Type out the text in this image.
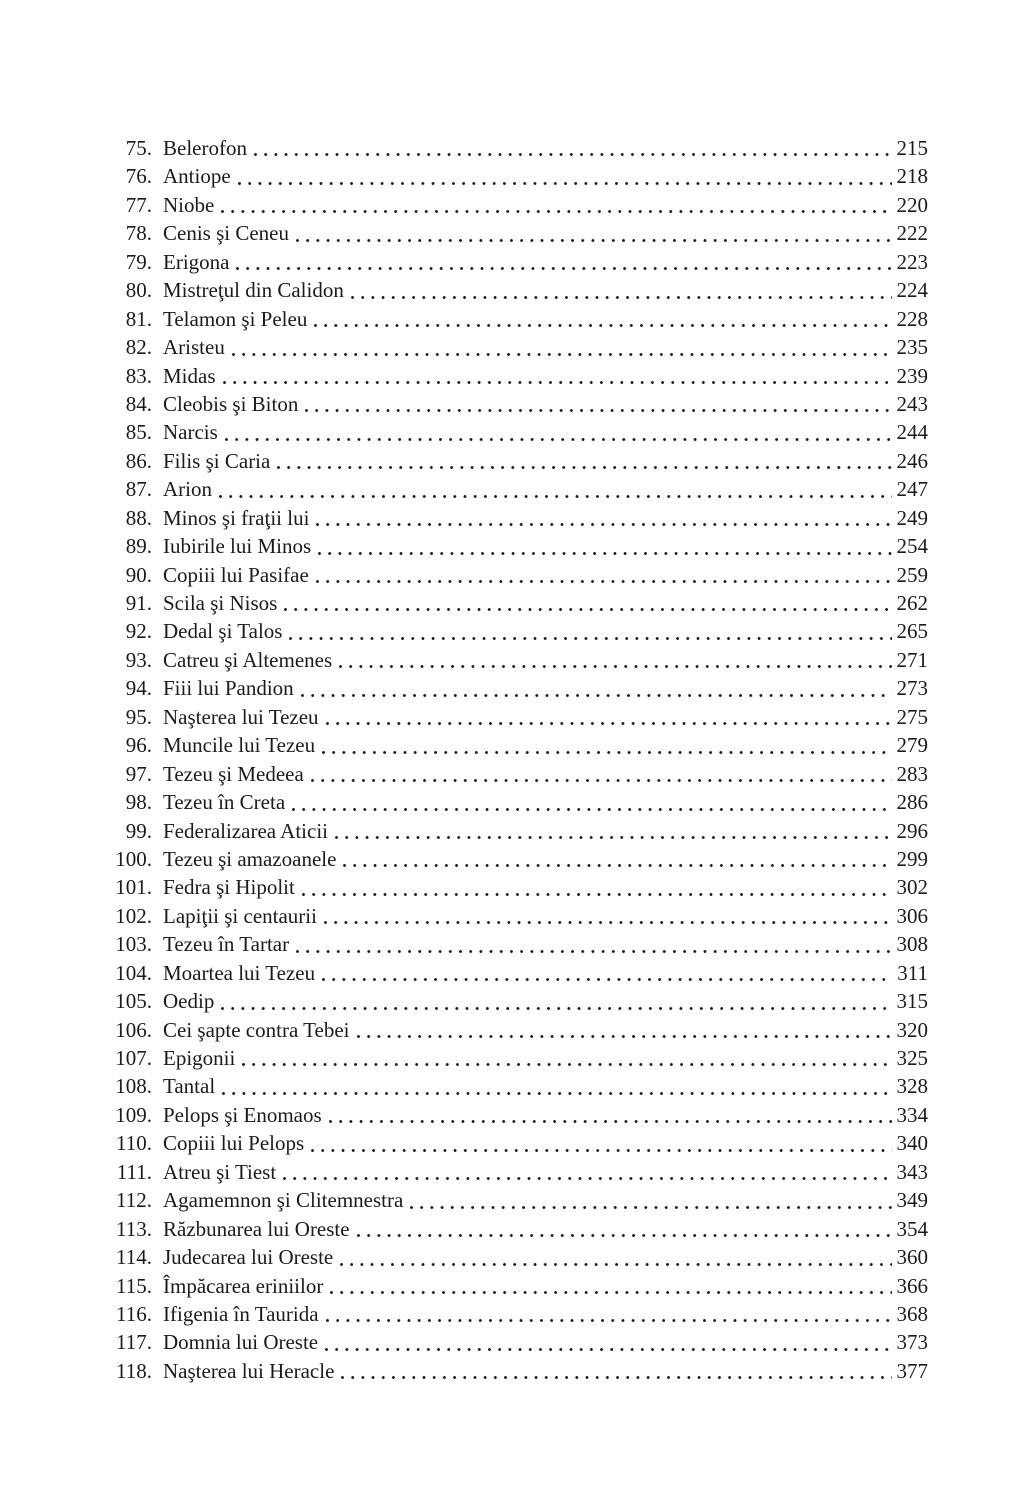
75. Belerofon	215
76. Antiope	218
77. Niobe	220
78. Cenis şi Ceneu	222
79. Erigona	223
80. Mistreţul din Calidon	224
81. Telamon şi Peleu	228
82. Aristeu	235
83. Midas	239
84. Cleobis şi Biton	243
85. Narcis	244
86. Filis şi Caria	246
87. Arion	247
88. Minos şi fraţii lui	249
89. Iubirile lui Minos	254
90. Copiii lui Pasifae	259
91. Scila şi Nisos	262
92. Dedal şi Talos	265
93. Catreu şi Altemenes	271
94. Fiii lui Pandion	273
95. Naşterea lui Tezeu	275
96. Muncile lui Tezeu	279
97. Tezeu şi Medeea	283
98. Tezeu în Creta	286
99. Federalizarea Aticii	296
100. Tezeu şi amazoanele	299
101. Fedra şi Hipolit	302
102. Lapiţii şi centaurii	306
103. Tezeu în Tartar	308
104. Moartea lui Tezeu	311
105. Oedip	315
106. Cei şapte contra Tebei	320
107. Epigonii	325
108. Tantal	328
109. Pelops şi Enomaos	334
110. Copiii lui Pelops	340
111. Atreu şi Tiest	343
112. Agamemnon şi Clitemnestra	349
113. Răzbunarea lui Oreste	354
114. Judecarea lui Oreste	360
115. Împăcarea eriniilor	366
116. Ifigenia în Taurida	368
117. Domnia lui Oreste	373
118. Naşterea lui Heracle	377
